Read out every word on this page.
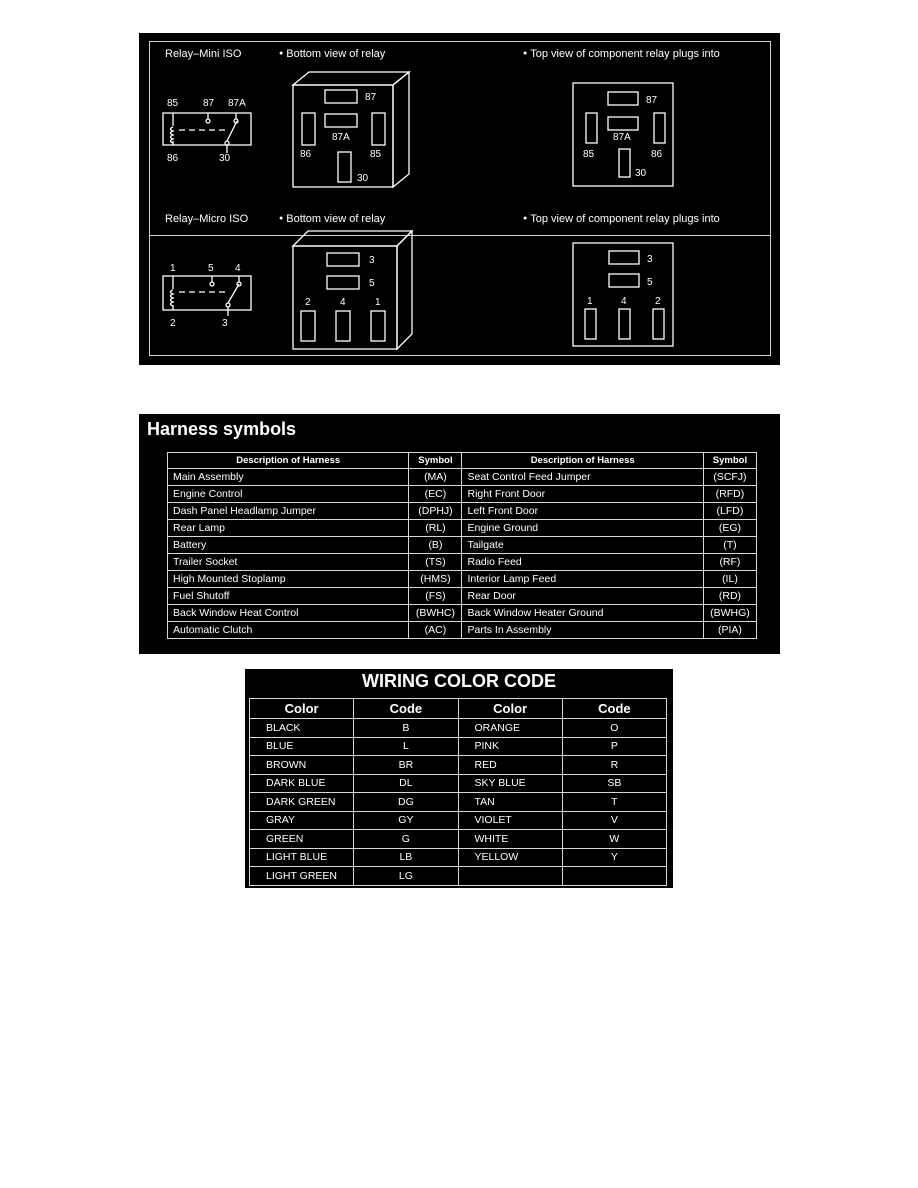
Relay–Mini ISO	● Bottom view of relay	● Top view of component relay plugs into
Relay–Micro ISO	● Bottom view of relay	● Top view of component relay plugs into
85 87 87A
86	30
87
87A
86	85
30
87
87A
85	86
30
1	5 4
2	3
3
5
2	4	1
3
5
1	4	2
Harness symbols
Description of Harness	Symbol	Description of Harness	Symbol
Main Assembly	(MA)	Seat Control Feed Jumper	(SCFJ)
Engine Control	(EC)	Right Front Door	(RFD)
Dash Panel Headlamp Jumper	(DPHJ)	Left Front Door	(LFD)
Rear Lamp	(RL)	Engine Ground	(EG)
Battery	(B)	Tailgate	(T)
Trailer Socket	(TS)	Radio Feed	(RF)
High Mounted Stoplamp	(HMS)	Interior Lamp Feed	(IL)
Fuel Shutoff	(FS)	Rear Door	(RD)
Back Window Heat Control	(BWHC)	Back Window Heater Ground	(BWHG)
Automatic Clutch	(AC)	Parts In Assembly	(PIA)
WIRING COLOR CODE
Color	Code	Color	Code
BLACK	B	ORANGE	O
BLUE	L	PINK	P
BROWN	BR	RED	R
DARK BLUE	DL	SKY BLUE	SB
DARK GREEN	DG	TAN	T
GRAY	GY	VIOLET	V
GREEN	G	WHITE	W
LIGHT BLUE	LB	YELLOW	Y
LIGHT GREEN	LG		
